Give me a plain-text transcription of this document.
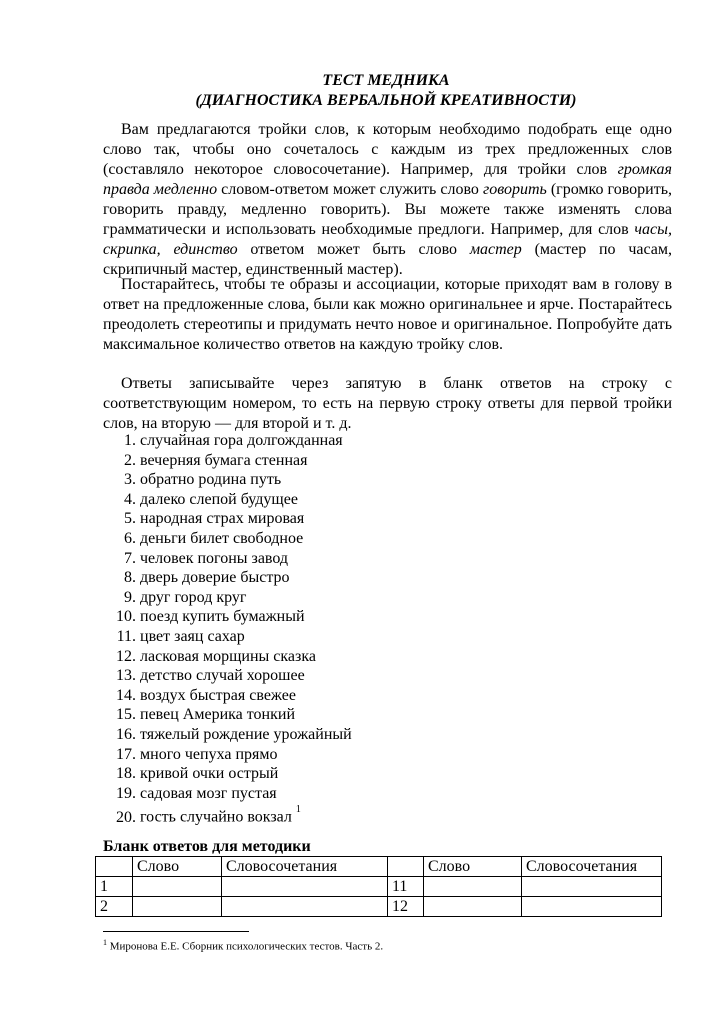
ТЕСТ МЕДНИКА
(ДИАГНОСТИКА ВЕРБАЛЬНОЙ КРЕАТИВНОСТИ)

Вам предлагаются тройки слов, к которым необходимо подобрать еще одно слово так, чтобы оно сочеталось с каждым из трех предложенных слов (составляло некоторое словосочетание). Например, для тройки слов громкая правда медленно словом-ответом может служить слово говорить (громко говорить, говорить правду, медленно говорить). Вы можете также изменять слова грамматически и использовать необходимые предлоги. Например, для слов часы, скрипка, единство ответом может быть слово мастер (мастер по часам, скрипичный мастер, единственный мастер).

Постарайтесь, чтобы те образы и ассоциации, которые приходят вам в голову в ответ на предложенные слова, были как можно оригинальнее и ярче. Постарайтесь преодолеть стереотипы и придумать нечто новое и оригинальное. Попробуйте дать максимальное количество ответов на каждую тройку слов.

Ответы записывайте через запятую в бланк ответов на строку с соответствующим номером, то есть на первую строку ответы для первой тройки слов, на вторую — для второй и т. д.

1. случайная гора долгожданная
2. вечерняя бумага стенная
3. обратно родина путь
4. далеко слепой будущее
5. народная страх мировая
6. деньги билет свободное
7. человек погоны завод
8. дверь доверие быстро
9. друг город круг
10. поезд купить бумажный
11. цвет заяц сахар
12. ласковая морщины сказка
13. детство случай хорошее
14. воздух быстрая свежее
15. певец Америка тонкий
16. тяжелый рождение урожайный
17. много чепуха прямо
18. кривой очки острый
19. садовая мозг пустая
20. гость случайно вокзал $^1$
Бланк ответов для методики
	Слово	Словосочетания		Слово	Словосочетания
1			11		
2			12		
$^1$ Миронова Е.Е. Сборник психологических тестов. Часть 2.
